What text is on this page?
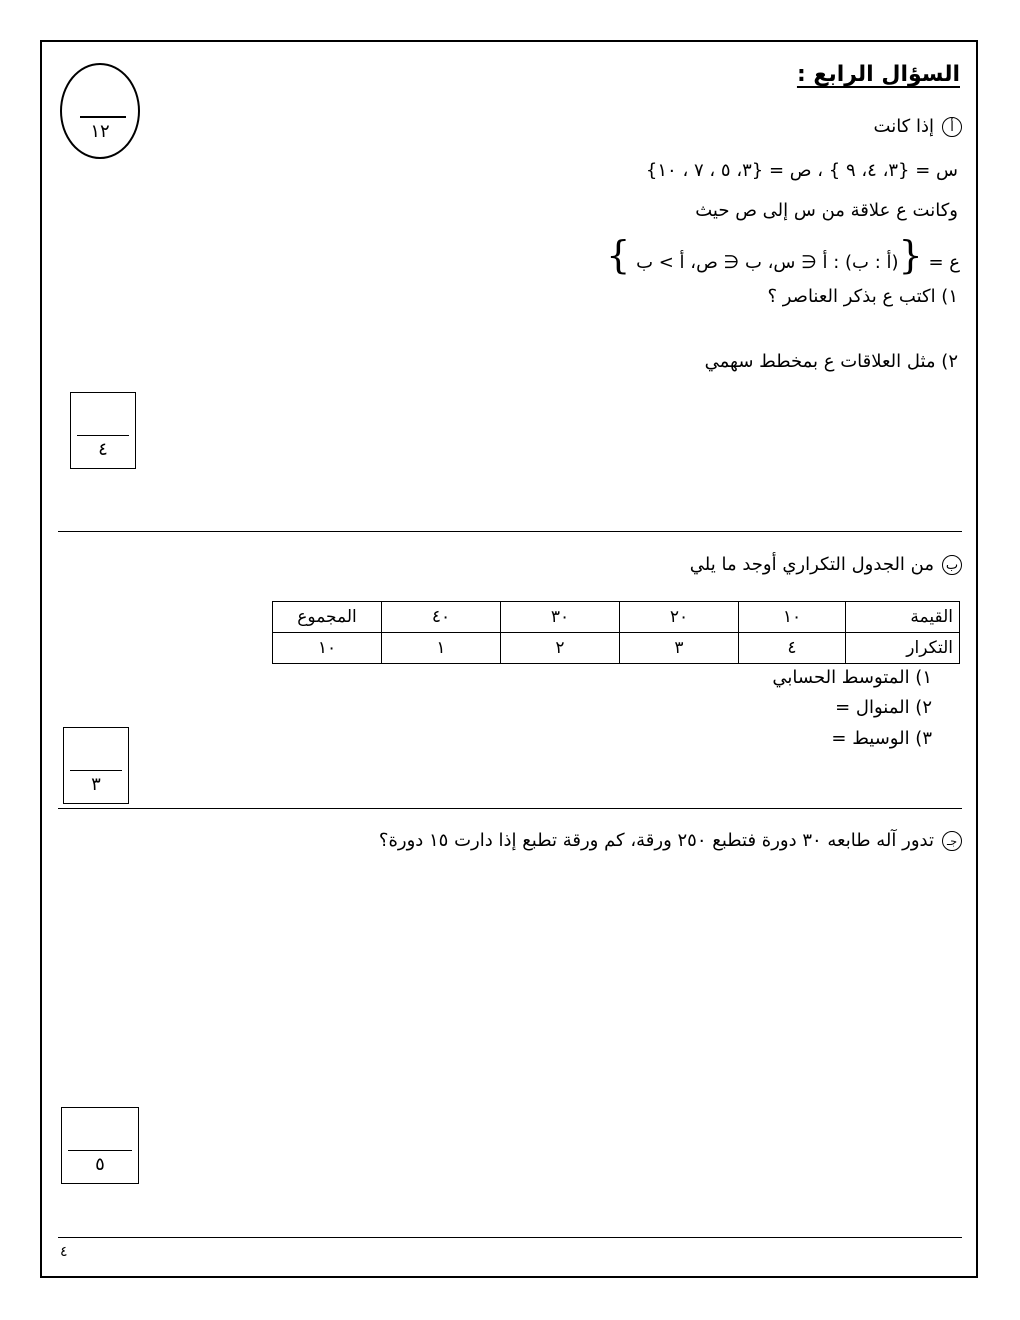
السؤال الرابع :
١٢	أإذا كانت
س = {٣، ٤، ٩ } ، ص = {٣، ٥ ، ٧ ، ١٠}
وكانت ع علاقة من س إلى ص حيث
ع = {(أ : ب) : أ ∈ س، ب ∈ ص، أ > ب }
١) اكتب ع بذكر العناصر ؟
٢) مثل العلاقات ع بمخطط سهمي
٤
بمن الجدول التكراري أوجد ما يلي
القيمة	١٠	٢٠	٣٠	٤٠	المجموع
التكرار	٤	٣	٢	١	١٠
١) المتوسط الحسابي
٢) المنوال =
٣) الوسيط =
٣
جـتدور آله طابعه ٣٠ دورة فتطبع ٢٥٠ ورقة، كم ورقة تطبع إذا دارت ١٥ دورة؟
٥
٤
